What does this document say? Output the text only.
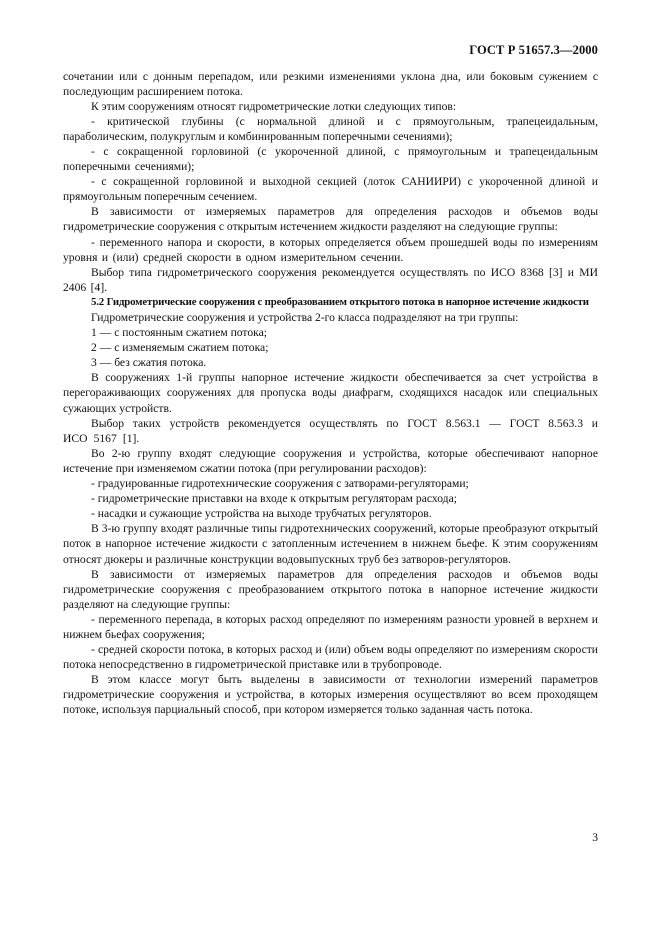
ГОСТ Р 51657.3—2000

сочетании или с донным перепадом, или резкими изменениями уклона дна, или боковым сужением с последующим расширением потока.

К этим сооружениям относят гидрометрические лотки следующих типов:

- критической глубины (с нормальной длиной и с прямоугольным, трапецеидальным, параболическим, полукруглым и комбинированным поперечными сечениями);

- с сокращенной горловиной (с укороченной длиной, с прямоугольным и трапецеидальным поперечными сечениями);

- с сокращенной горловиной и выходной секцией (лоток САНИИРИ) с укороченной длиной и прямоугольным поперечным сечением.

В зависимости от измеряемых параметров для определения расходов и объемов воды гидрометрические сооружения с открытым истечением жидкости разделяют на следующие группы:

- переменного напора и скорости, в которых определяется объем прошедшей воды по измерениям уровня и (или) средней скорости в одном измерительном сечении.

Выбор типа гидрометрического сооружения рекомендуется осуществлять по ИСО 8368 [3] и МИ 2406 [4].

5.2 Гидрометрические сооружения с преобразованием открытого потока в напорное истечение жидкости

Гидрометрические сооружения и устройства 2-го класса подразделяют на три группы:

1 — с постоянным сжатием потока;

2 — с изменяемым сжатием потока;

3 — без сжатия потока.

В сооружениях 1-й группы напорное истечение жидкости обеспечивается за счет устройства в перегораживающих сооружениях для пропуска воды диафрагм, сходящихся насадок или специальных сужающих устройств.

Выбор таких устройств рекомендуется осуществлять по ГОСТ 8.563.1 — ГОСТ 8.563.3 и ИСО 5167 [1].

Во 2-ю группу входят следующие сооружения и устройства, которые обеспечивают напорное истечение при изменяемом сжатии потока (при регулировании расходов):

- градуированные гидротехнические сооружения с затворами-регуляторами;

- гидрометрические приставки на входе к открытым регуляторам расхода;

- насадки и сужающие устройства на выходе трубчатых регуляторов.

В 3-ю группу входят различные типы гидротехнических сооружений, которые преобразуют открытый поток в напорное истечение жидкости с затопленным истечением в нижнем бьефе. К этим сооружениям относят дюкеры и различные конструкции водовыпускных труб без затворов-регуляторов.

В зависимости от измеряемых параметров для определения расходов и объемов воды гидрометрические сооружения с преобразованием открытого потока в напорное истечение жидкости разделяют на следующие группы:

- переменного перепада, в которых расход определяют по измерениям разности уровней в верхнем и нижнем бьефах сооружения;

- средней скорости потока, в которых расход и (или) объем воды определяют по измерениям скорости потока непосредственно в гидрометрической приставке или в трубопроводе.

В этом классе могут быть выделены в зависимости от технологии измерений параметров гидрометрические сооружения и устройства, в которых измерения осуществляют во всем проходящем потоке, используя парциальный способ, при котором измеряется только заданная часть потока.

3
